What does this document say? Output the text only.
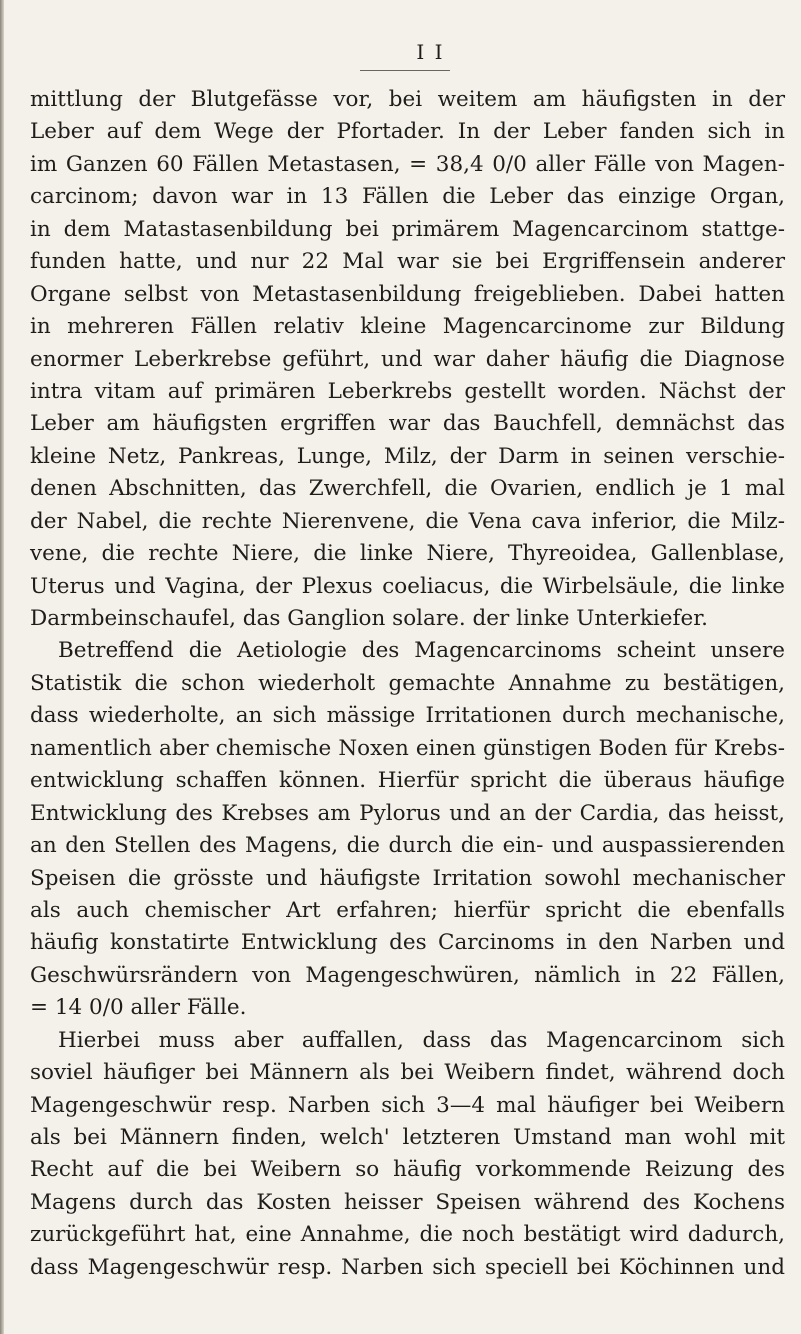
I I
mittlung der Blutgefässe vor, bei weitem am häufigsten in der
Leber auf dem Wege der Pfortader. In der Leber fanden sich in
im Ganzen 60 Fällen Metastasen, = 38,4 0/0 aller Fälle von Magen-
carcinom; davon war in 13 Fällen die Leber das einzige Organ,
in dem Matastasenbildung bei primärem Magencarcinom stattge-
funden hatte, und nur 22 Mal war sie bei Ergriffensein anderer
Organe selbst von Metastasenbildung freigeblieben. Dabei hatten
in mehreren Fällen relativ kleine Magencarcinome zur Bildung
enormer Leberkrebse geführt, und war daher häufig die Diagnose
intra vitam auf primären Leberkrebs gestellt worden. Nächst der
Leber am häufigsten ergriffen war das Bauchfell, demnächst das
kleine Netz, Pankreas, Lunge, Milz, der Darm in seinen verschie-
denen Abschnitten, das Zwerchfell, die Ovarien, endlich je 1 mal
der Nabel, die rechte Nierenvene, die Vena cava inferior, die Milz-
vene, die rechte Niere, die linke Niere, Thyreoidea, Gallenblase,
Uterus und Vagina, der Plexus coeliacus, die Wirbelsäule, die linke
Darmbeinschaufel, das Ganglion solare. der linke Unterkiefer.
Betreffend die Aetiologie des Magencarcinoms scheint unsere
Statistik die schon wiederholt gemachte Annahme zu bestätigen,
dass wiederholte, an sich mässige Irritationen durch mechanische,
namentlich aber chemische Noxen einen günstigen Boden für Krebs-
entwicklung schaffen können. Hierfür spricht die überaus häufige
Entwicklung des Krebses am Pylorus und an der Cardia, das heisst,
an den Stellen des Magens, die durch die ein- und auspassierenden
Speisen die grösste und häufigste Irritation sowohl mechanischer
als auch chemischer Art erfahren; hierfür spricht die ebenfalls
häufig konstatirte Entwicklung des Carcinoms in den Narben und
Geschwürsrändern von Magengeschwüren, nämlich in 22 Fällen,
= 14 0/0 aller Fälle.
Hierbei muss aber auffallen, dass das Magencarcinom sich
soviel häufiger bei Männern als bei Weibern findet, während doch
Magengeschwür resp. Narben sich 3—4 mal häufiger bei Weibern
als bei Männern finden, welch' letzteren Umstand man wohl mit
Recht auf die bei Weibern so häufig vorkommende Reizung des
Magens durch das Kosten heisser Speisen während des Kochens
zurückgeführt hat, eine Annahme, die noch bestätigt wird dadurch,
dass Magengeschwür resp. Narben sich speciell bei Köchinnen und
